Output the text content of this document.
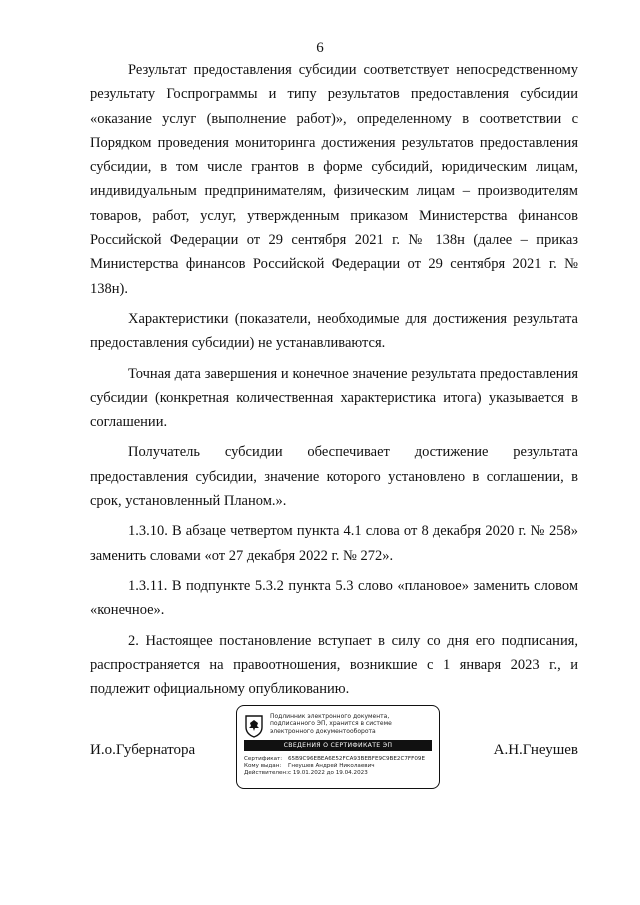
6

Результат предоставления субсидии соответствует непосредственному результату Госпрограммы и типу результатов предоставления субсидии «оказание услуг (выполнение работ)», определенному в соответствии с Порядком проведения мониторинга достижения результатов предоставления субсидии, в том числе грантов в форме субсидий, юридическим лицам, индивидуальным предпринимателям, физическим лицам – производителям товаров, работ, услуг, утвержденным приказом Министерства финансов Российской Федерации от 29 сентября 2021 г. № 138н (далее – приказ Министерства финансов Российской Федерации от 29 сентября 2021 г. № 138н).

Характеристики (показатели, необходимые для достижения результата предоставления субсидии) не устанавливаются.

Точная дата завершения и конечное значение результата предоставления субсидии (конкретная количественная характеристика итога) указывается в соглашении.

Получатель субсидии обеспечивает достижение результата предоставления субсидии, значение которого установлено в соглашении, в срок, установленный Планом.».

1.3.10. В абзаце четвертом пункта 4.1 слова от 8 декабря 2020 г. № 258» заменить словами «от 27 декабря 2022 г. № 272».

1.3.11. В подпункте 5.3.2 пункта 5.3 слово «плановое» заменить словом «конечное».

2. Настоящее постановление вступает в силу со дня его подписания, распространяется на правоотношения, возникшие с 1 января 2023 г., и подлежит официальному опубликованию.

И.о.Губернатора	А.Н.Гнеушев
Подлинник электронного документа, подписанного ЭП, хранится в системе электронного документооборота
СВЕДЕНИЯ О СЕРТИФИКАТЕ ЭП
Сертификат: 65B9C96EBEA6E52FCA93BEBFE9C9BE2C7FF09E
Кому выдан: Гнеушев Андрей Николаевич
Действителен:с 19.01.2022 до 19.04.2023
